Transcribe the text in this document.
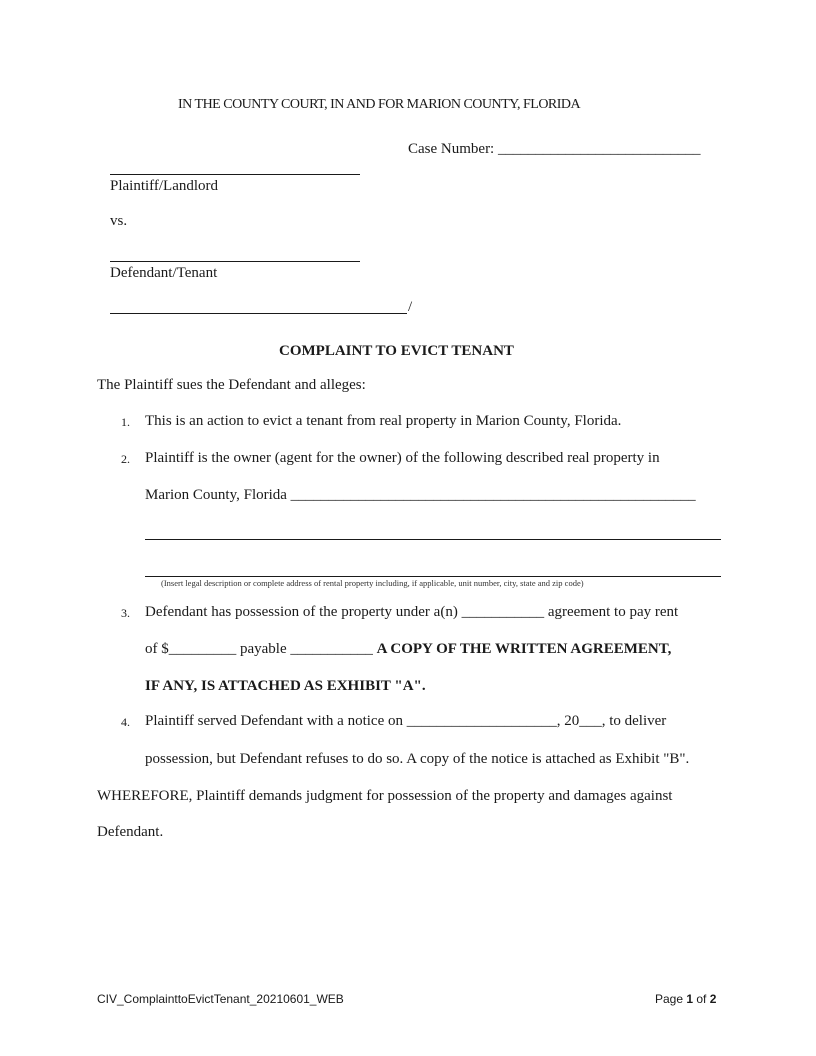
IN THE COUNTY COURT, IN AND FOR MARION COUNTY, FLORIDA
Case Number: ___________________________
Plaintiff/Landlord
vs.
Defendant/Tenant
/
COMPLAINT TO EVICT TENANT
The Plaintiff sues the Defendant and alleges:
1. This is an action to evict a tenant from real property in Marion County, Florida.
2. Plaintiff is the owner (agent for the owner) of the following described real property in
Marion County, Florida ______________________________________________________
(Insert legal description or complete address of rental property including, if applicable, unit number, city, state and zip code)
3. Defendant has possession of the property under a(n) ___________ agreement to pay rent
of $_________ payable ___________ A COPY OF THE WRITTEN AGREEMENT,
IF ANY, IS ATTACHED AS EXHIBIT "A".
4. Plaintiff served Defendant with a notice on ____________________, 20___, to deliver
possession, but Defendant refuses to do so. A copy of the notice is attached as Exhibit "B".
WHEREFORE, Plaintiff demands judgment for possession of the property and damages against
Defendant.
CIV_ComplainttoEvictTenant_20210601_WEB	Page 1 of 2
